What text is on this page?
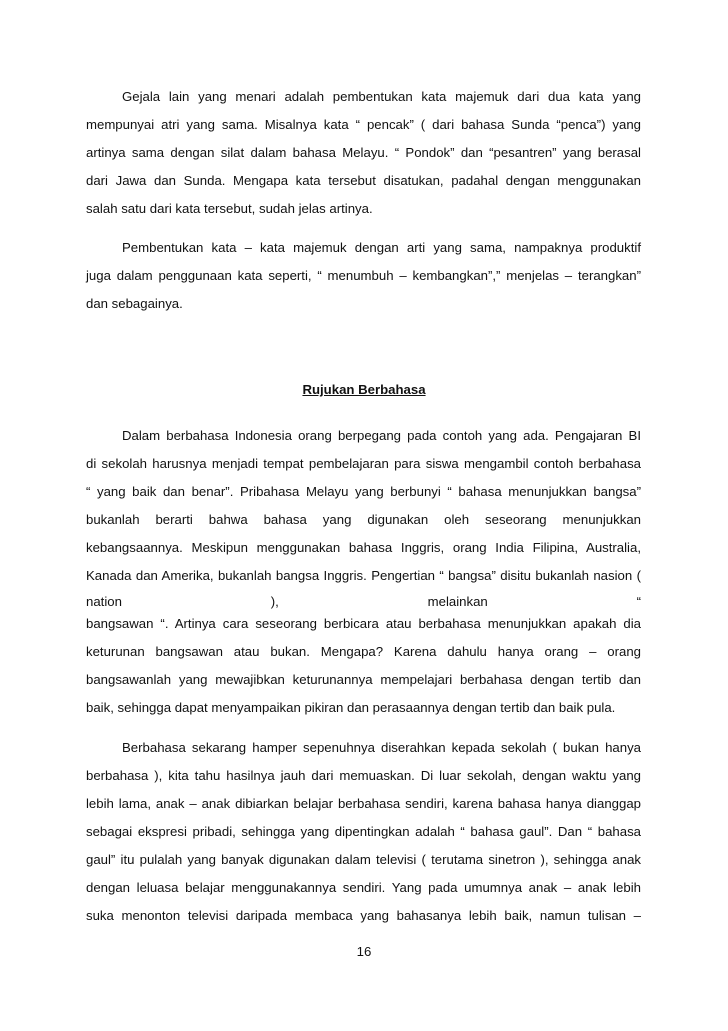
Gejala lain yang menari adalah pembentukan kata majemuk dari dua kata yang
mempunyai atri yang sama. Misalnya kata “ pencak” ( dari bahasa Sunda “penca”) yang
artinya sama dengan silat dalam bahasa Melayu. “ Pondok” dan “pesantren” yang berasal
dari Jawa dan Sunda. Mengapa kata tersebut disatukan, padahal dengan menggunakan
salah satu dari kata tersebut, sudah jelas artinya.
Pembentukan kata – kata majemuk dengan arti yang sama, nampaknya produktif
juga dalam penggunaan kata seperti, “ menumbuh – kembangkan”,” menjelas – terangkan”
dan sebagainya.
Rujukan Berbahasa
Dalam berbahasa Indonesia orang berpegang pada contoh yang ada. Pengajaran BI
di sekolah harusnya menjadi tempat pembelajaran para siswa mengambil contoh berbahasa
“ yang baik dan benar”. Pribahasa Melayu yang berbunyi “ bahasa menunjukkan bangsa”
bukanlah berarti bahwa bahasa yang digunakan oleh seseorang menunjukkan
kebangsaannya. Meskipun menggunakan bahasa Inggris, orang India Filipina, Australia,
Kanada dan Amerika, bukanlah bangsa Inggris. Pengertian “ bangsa” disitu bukanlah nasion (
nation ), melainkan “
bangsawan “. Artinya cara seseorang berbicara atau berbahasa menunjukkan apakah dia
keturunan bangsawan atau bukan. Mengapa? Karena dahulu hanya orang – orang
bangsawanlah yang mewajibkan keturunannya mempelajari berbahasa dengan tertib dan
baik, sehingga dapat menyampaikan pikiran dan perasaannya dengan tertib dan baik pula.
Berbahasa sekarang hamper sepenuhnya diserahkan kepada sekolah ( bukan hanya
berbahasa ), kita tahu hasilnya jauh dari memuaskan. Di luar sekolah, dengan waktu yang
lebih lama, anak – anak dibiarkan belajar berbahasa sendiri, karena bahasa hanya dianggap
sebagai ekspresi pribadi, sehingga yang dipentingkan adalah “ bahasa gaul”. Dan “ bahasa
gaul” itu pulalah yang banyak digunakan dalam televisi ( terutama sinetron ), sehingga anak
dengan leluasa belajar menggunakannya sendiri. Yang pada umumnya anak – anak lebih
suka menonton televisi daripada membaca yang bahasanya lebih baik, namun tulisan –
16
